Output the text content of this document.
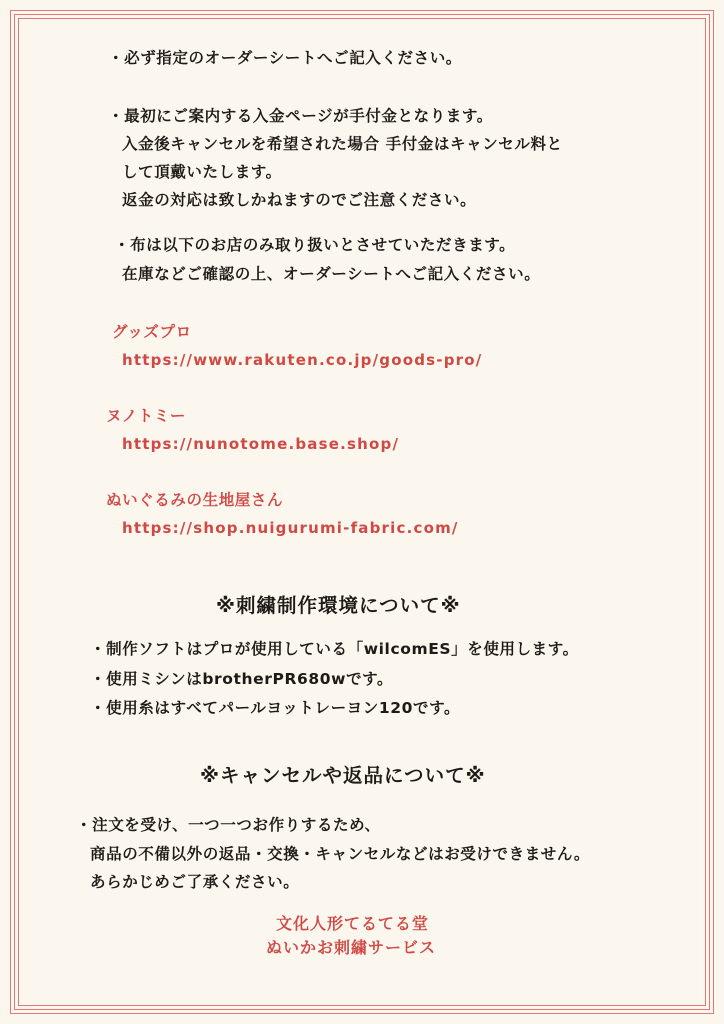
・必ず指定のオーダーシートへご記入ください。
・最初にご案内する入金ページが手付金となります。
入金後キャンセルを希望された場合 手付金はキャンセル料と
して頂戴いたします。
返金の対応は致しかねますのでご注意ください。
・布は以下のお店のみ取り扱いとさせていただきます。
在庫などご確認の上、オーダーシートへご記入ください。
グッズプロ
https://www.rakuten.co.jp/goods-pro/
ヌノトミー
https://nunotome.base.shop/
ぬいぐるみの生地屋さん
https://shop.nuigurumi-fabric.com/
※刺繍制作環境について※
・制作ソフトはプロが使用している「wilcomES」を使用します。
・使用ミシンはbrotherPR680wです。
・使用糸はすべてパールヨットレーヨン120です。
※キャンセルや返品について※
・注文を受け、一つ一つお作りするため、
商品の不備以外の返品・交換・キャンセルなどはお受けできません。
あらかじめご了承ください。
文化人形てるてる堂
ぬいかお刺繍サービス
